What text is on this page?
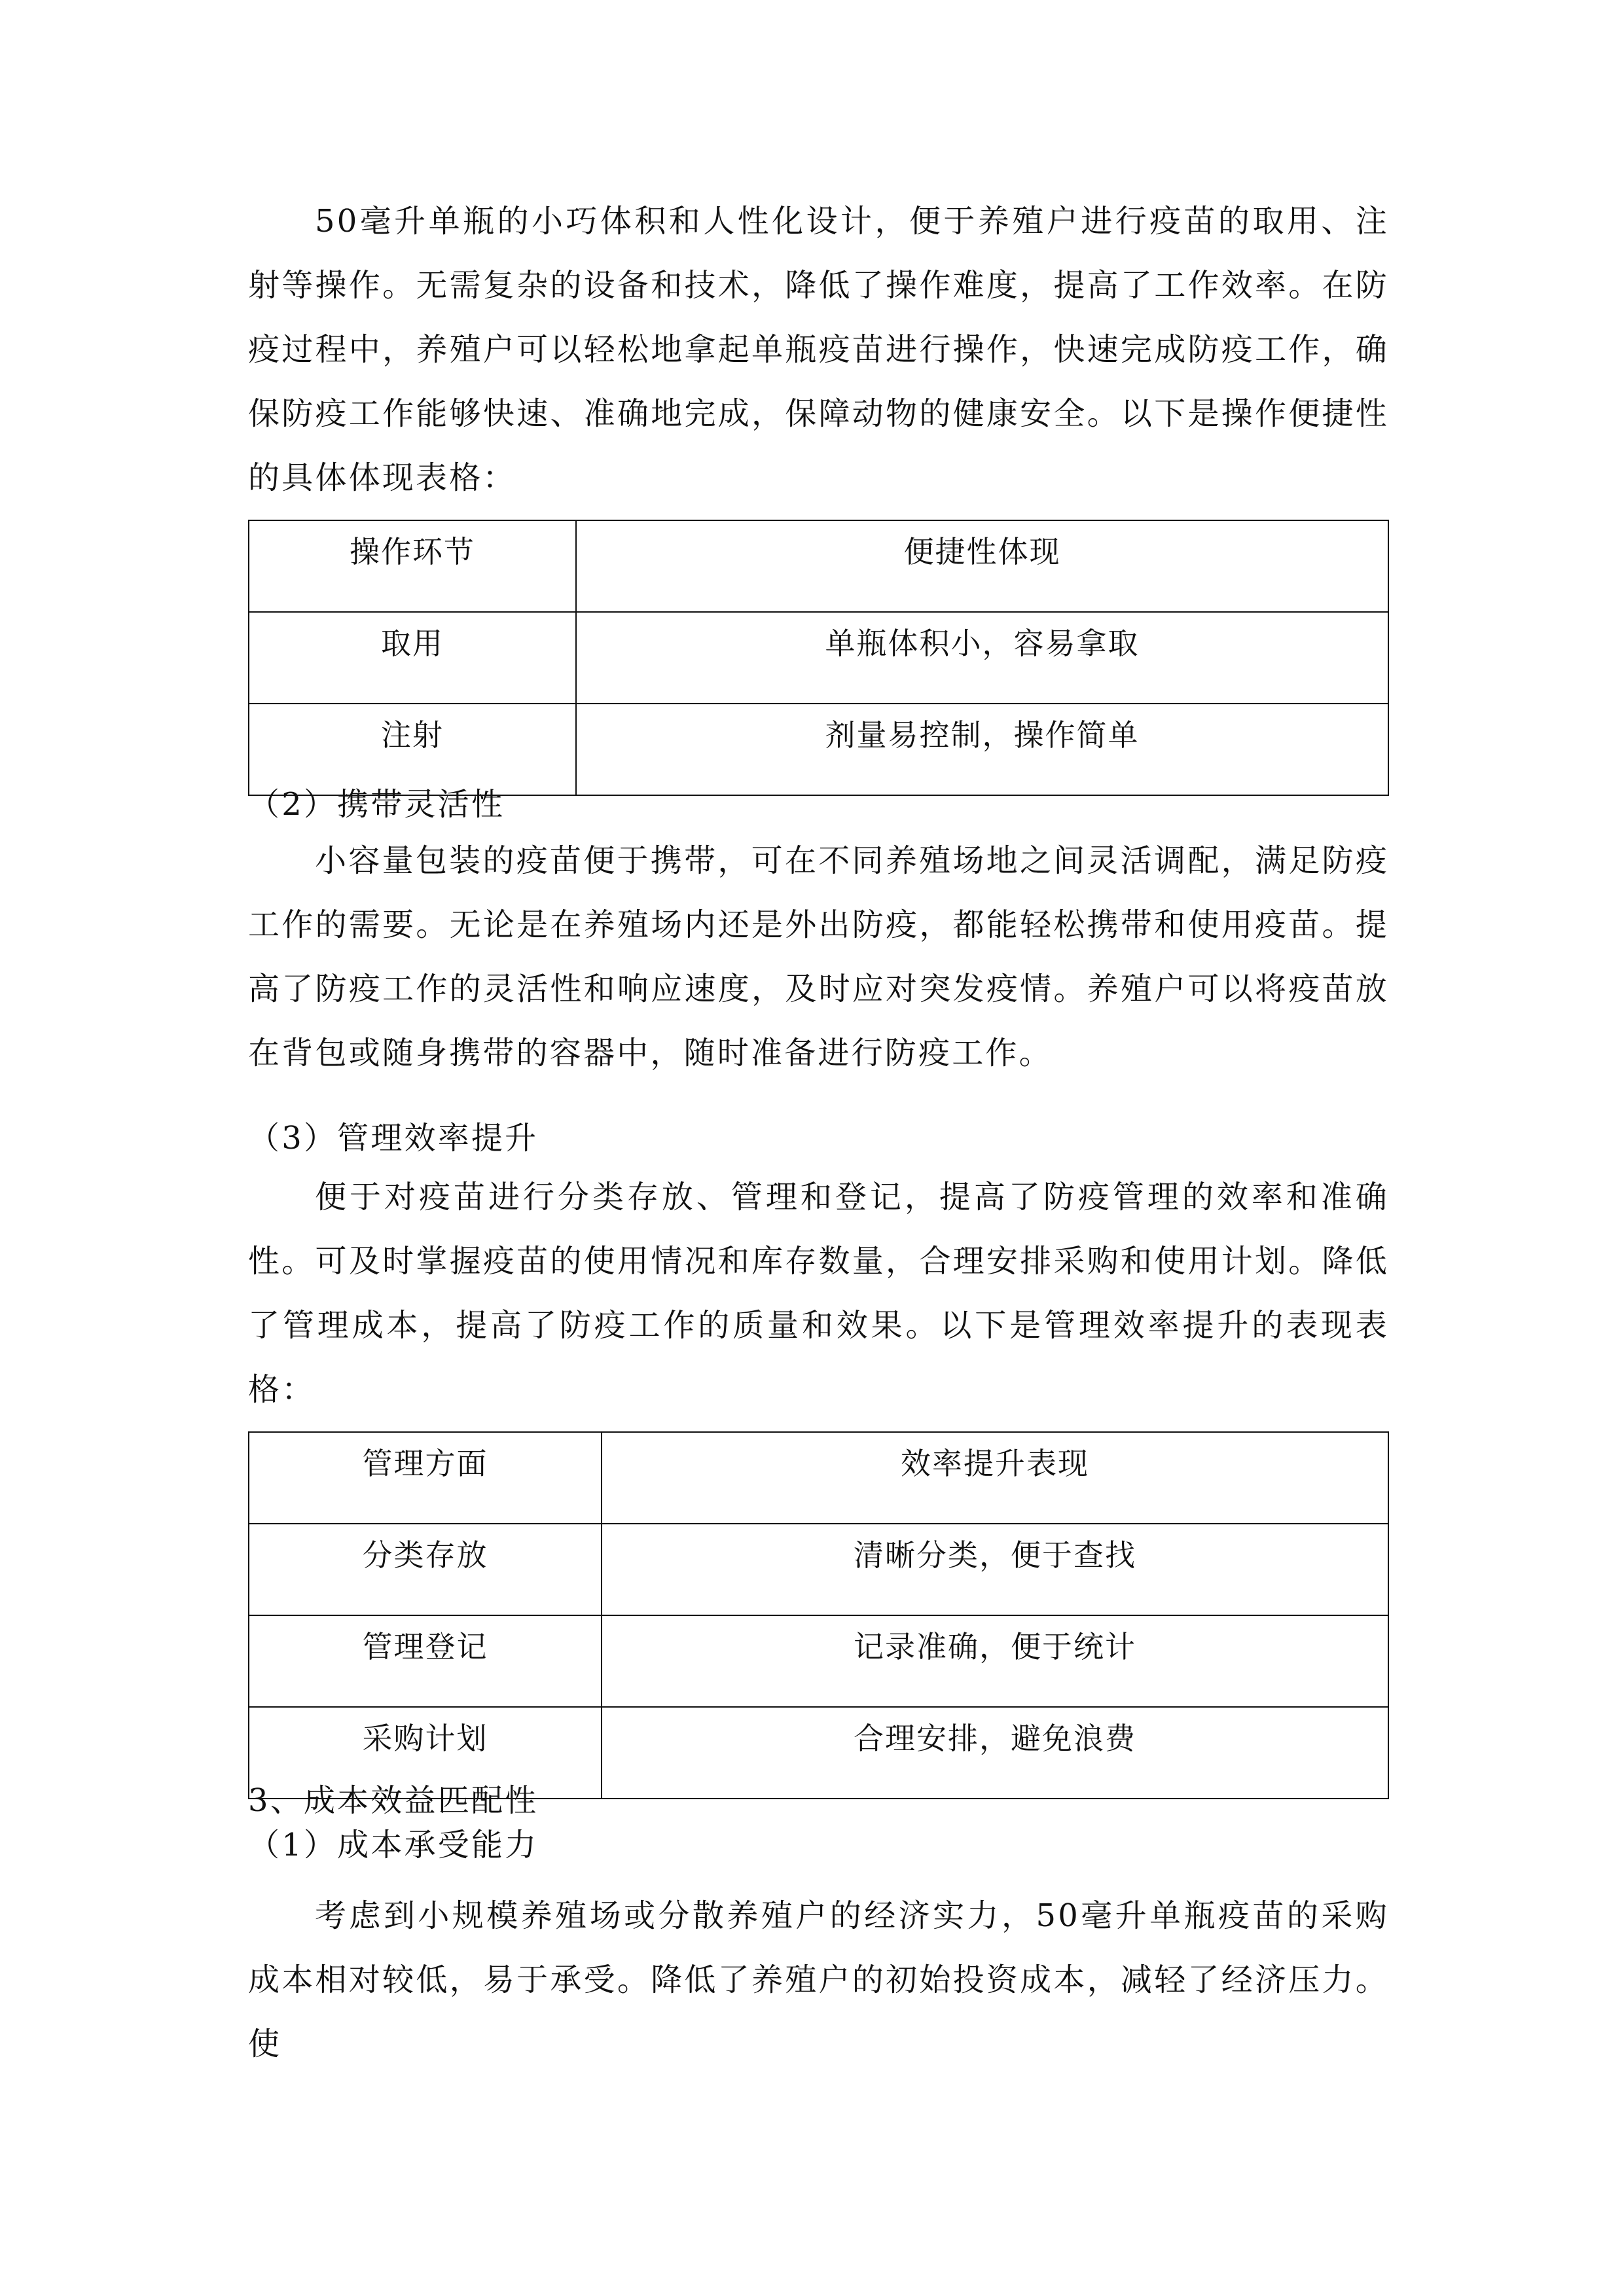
50毫升单瓶的小巧体积和人性化设计，便于养殖户进行疫苗的取用、注射等操作。无需复杂的设备和技术，降低了操作难度，提高了工作效率。在防疫过程中，养殖户可以轻松地拿起单瓶疫苗进行操作，快速完成防疫工作，确保防疫工作能够快速、准确地完成，保障动物的健康安全。以下是操作便捷性的具体体现表格：

操作环节	便捷性体现
取用	单瓶体积小，容易拿取
注射	剂量易控制，操作简单

（2）携带灵活性

小容量包装的疫苗便于携带，可在不同养殖场地之间灵活调配，满足防疫工作的需要。无论是在养殖场内还是外出防疫，都能轻松携带和使用疫苗。提高了防疫工作的灵活性和响应速度，及时应对突发疫情。养殖户可以将疫苗放在背包或随身携带的容器中，随时准备进行防疫工作。

（3）管理效率提升

便于对疫苗进行分类存放、管理和登记，提高了防疫管理的效率和准确性。可及时掌握疫苗的使用情况和库存数量，合理安排采购和使用计划。降低了管理成本，提高了防疫工作的质量和效果。以下是管理效率提升的表现表格：

管理方面	效率提升表现
分类存放	清晰分类，便于查找
管理登记	记录准确，便于统计
采购计划	合理安排，避免浪费

3、成本效益匹配性

（1）成本承受能力

考虑到小规模养殖场或分散养殖户的经济实力，50毫升单瓶疫苗的采购成本相对较低，易于承受。降低了养殖户的初始投资成本，减轻了经济压力。使
